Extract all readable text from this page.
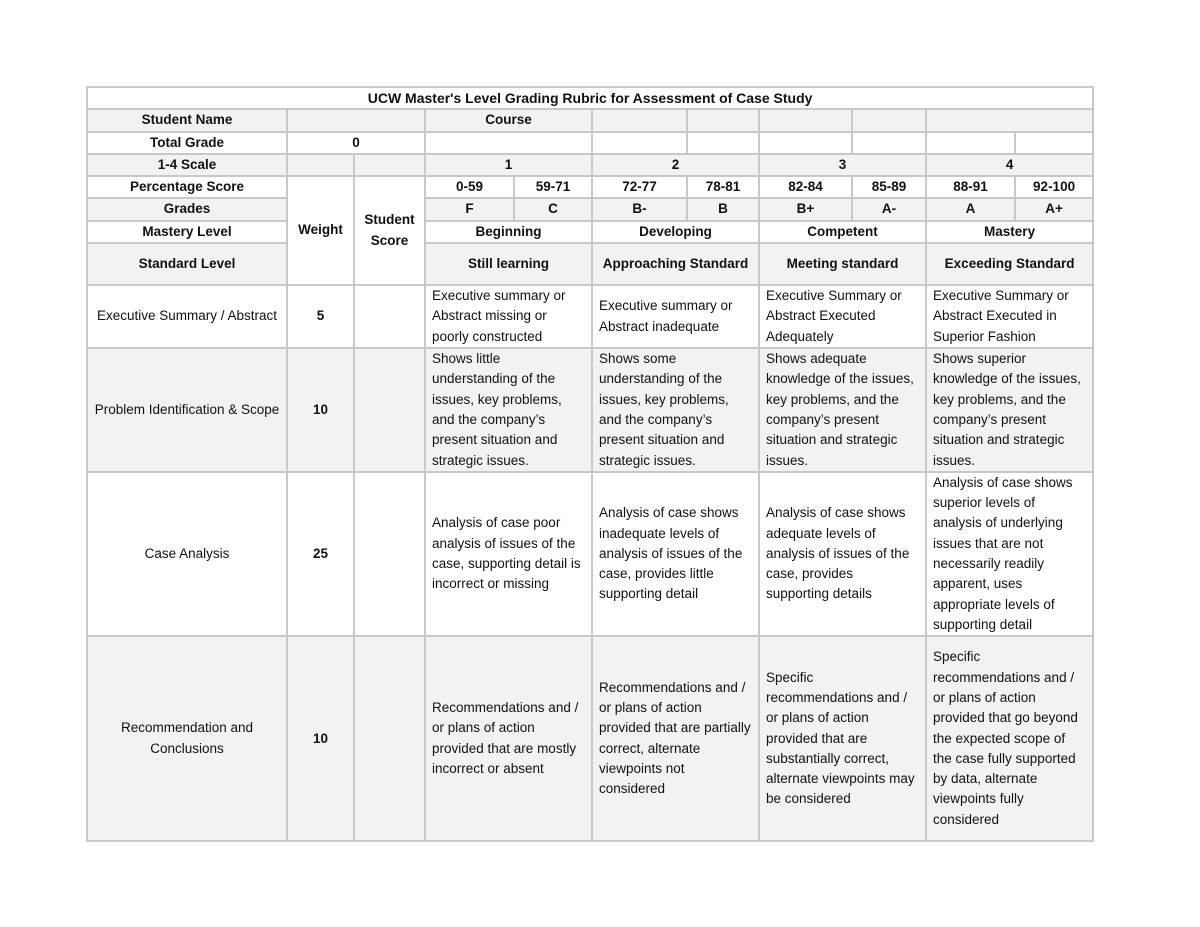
UCW Master's Level Grading Rubric for Assessment of Case Study										
Student Name			Course							
Total Grade	0									
1-4 Scale			1		2		3		4	
Percentage Score	Weight	Student Score	0-59	59-71	72-77	78-81	82-84	85-89	88-91	92-100
Grades			F	C	B-	B	B+	A-	A	A+
Mastery Level			Beginning		Developing		Competent		Mastery	
Standard Level			Still learning		Approaching Standard		Meeting standard		Exceeding Standard	
Executive Summary / Abstract	5		Executive summary or Abstract missing or poorly constructed		Executive summary or Abstract inadequate		Executive Summary or Abstract Executed Adequately		Executive Summary or Abstract Executed in Superior Fashion	
Problem Identification & Scope	10		Shows little understanding of the issues, key problems, and the company’s present situation and strategic issues.		Shows some understanding of the issues, key problems, and the company’s present situation and strategic issues.		Shows adequate knowledge of the issues, key problems, and the company’s present situation and strategic issues.		Shows superior knowledge of the issues, key problems, and the company’s present situation and strategic issues.	
Case Analysis	25		Analysis of case poor analysis of issues of the case, supporting detail is incorrect or missing		Analysis of case shows inadequate levels of analysis of issues of the case, provides little supporting detail		Analysis of case shows adequate levels of analysis of issues of the case, provides supporting details		Analysis of case shows superior levels of analysis of underlying issues that are not necessarily readily apparent, uses appropriate levels of supporting detail	
Recommendation and Conclusions	10		Recommendations and / or plans of action provided that are mostly incorrect or absent		Recommendations and / or plans of action provided that are partially correct, alternate viewpoints not considered		Specific recommendations and / or plans of action provided that are substantially correct, alternate viewpoints may be considered		Specific recommendations and / or plans of action provided that go beyond the expected scope of the case fully supported by data, alternate viewpoints fully considered	
